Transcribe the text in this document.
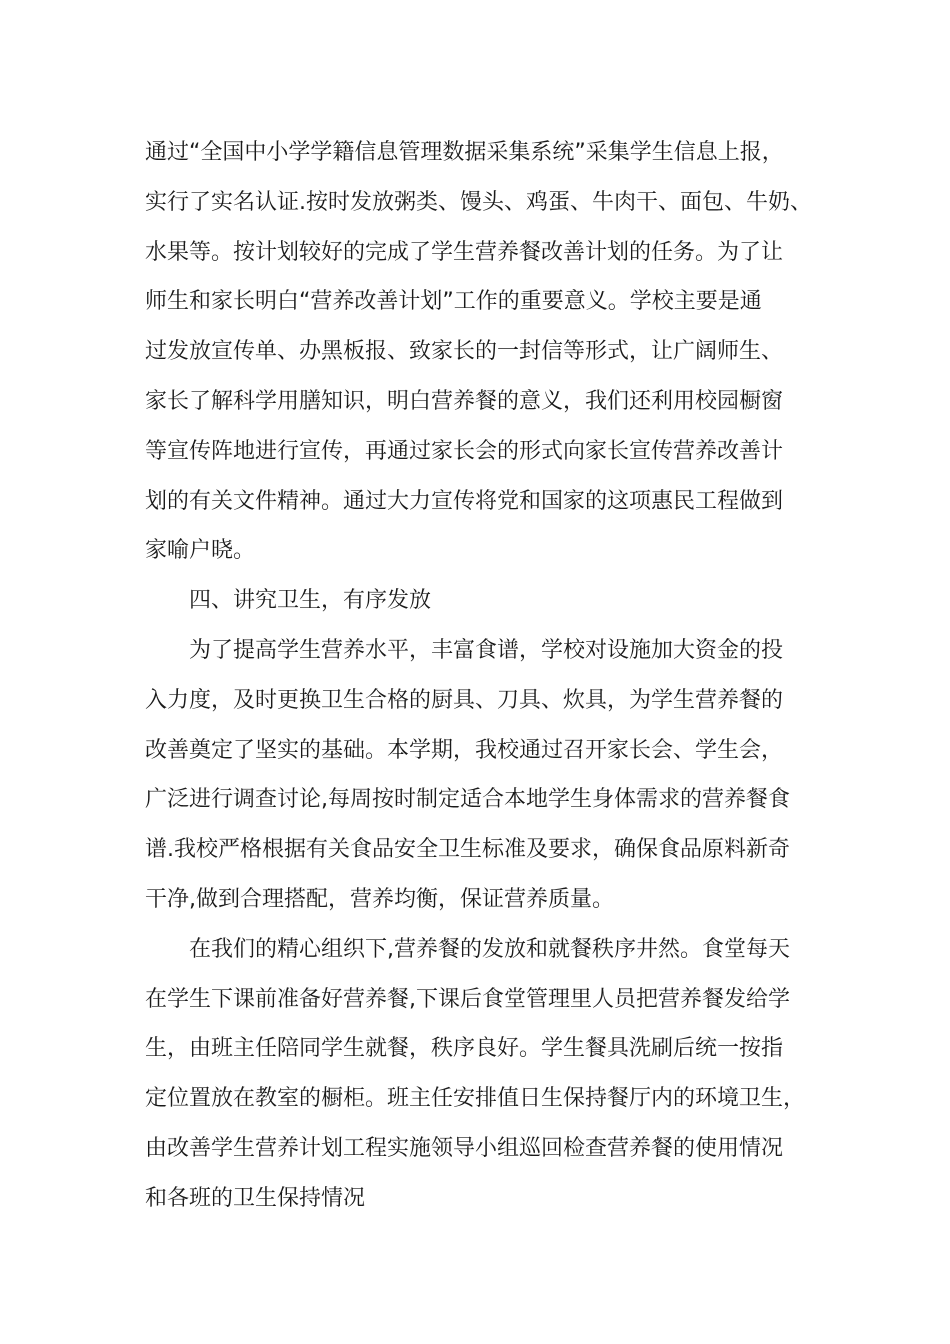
通过“全国中小学学籍信息管理数据采集系统”采集学生信息上报，
实行了实名认证.按时发放粥类、馒头、鸡蛋、牛肉干、面包、牛奶、
水果等。按计划较好的完成了学生营养餐改善计划的任务。为了让
师生和家长明白“营养改善计划”工作的重要意义。学校主要是通
过发放宣传单、办黑板报、致家长的一封信等形式，让广阔师生、
家长了解科学用膳知识，明白营养餐的意义，我们还利用校园橱窗
等宣传阵地进行宣传，再通过家长会的形式向家长宣传营养改善计
划的有关文件精神。通过大力宣传将党和国家的这项惠民工程做到
家喻户晓。
四、讲究卫生，有序发放
为了提高学生营养水平，丰富食谱，学校对设施加大资金的投
入力度，及时更换卫生合格的厨具、刀具、炊具，为学生营养餐的
改善奠定了坚实的基础。本学期，我校通过召开家长会、学生会，
广泛进行调查讨论,每周按时制定适合本地学生身体需求的营养餐食
谱.我校严格根据有关食品安全卫生标准及要求，确保食品原料新奇
干净,做到合理搭配，营养均衡，保证营养质量。
在我们的精心组织下,营养餐的发放和就餐秩序井然。食堂每天
在学生下课前准备好营养餐,下课后食堂管理里人员把营养餐发给学
生，由班主任陪同学生就餐，秩序良好。学生餐具洗刷后统一按指
定位置放在教室的橱柜。班主任安排值日生保持餐厅内的环境卫生，
由改善学生营养计划工程实施领导小组巡回检查营养餐的使用情况
和各班的卫生保持情况
